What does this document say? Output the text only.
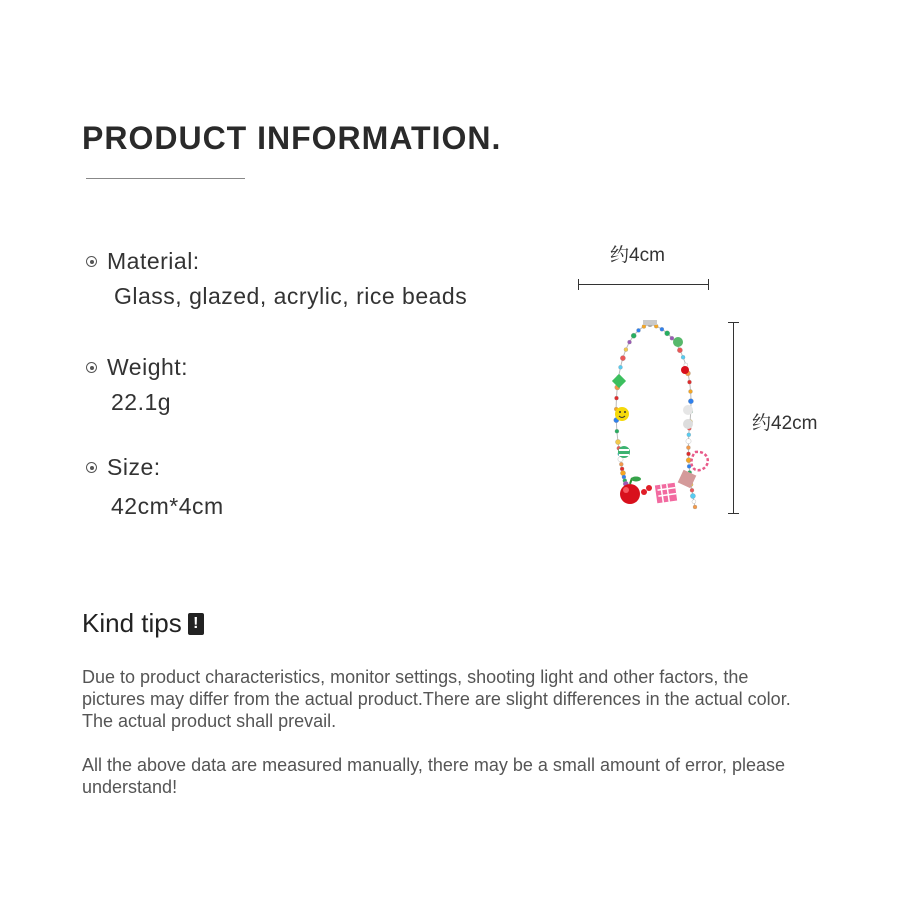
PRODUCT INFORMATION.
Material:
Glass, glazed, acrylic, rice beads
Weight:
22.1g
Size:
42cm*4cm
约4cm
约42cm
Kind tips !

Due to product characteristics, monitor settings, shooting light and other factors, the pictures may differ from the actual product.There are slight differences in the actual color. The actual product shall prevail.

All the above data are measured manually, there may be a small amount of error, please understand!
